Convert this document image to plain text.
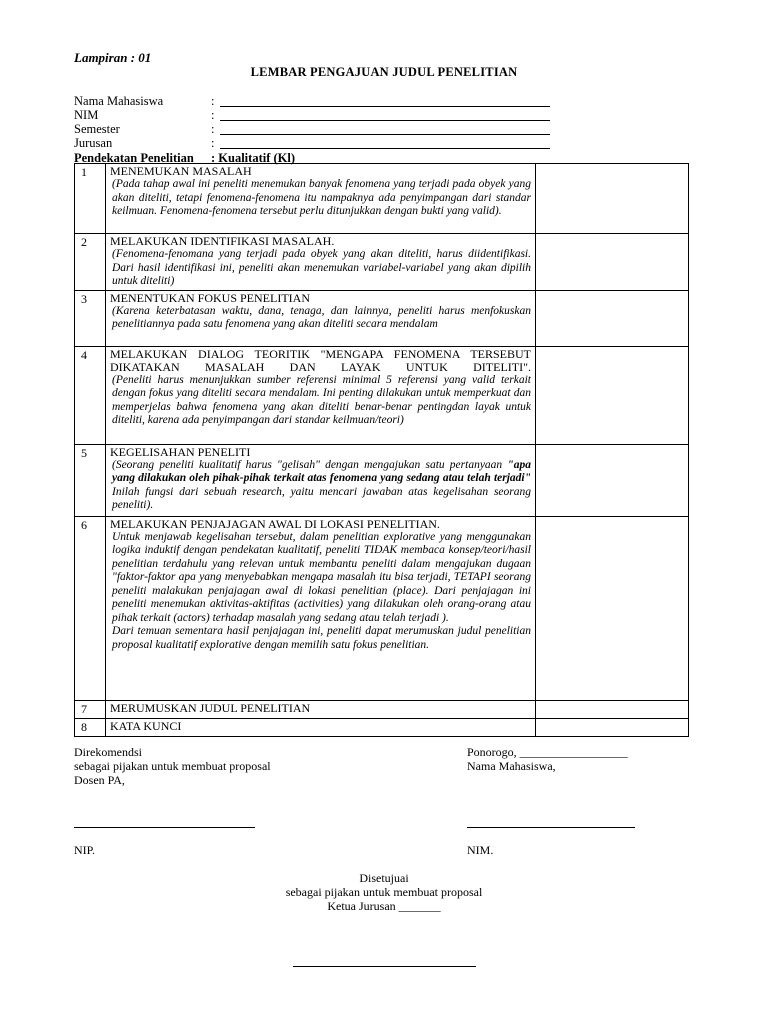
Lampiran : 01
LEMBAR PENGAJUAN JUDUL PENELITIAN
Nama Mahasiswa	:
NIM	:
Semester	:
Jurusan	:
Pendekatan Penelitian : Kualitatif (Kl)
1	MENEMUKAN MASALAH
(Pada tahap awal ini peneliti menemukan banyak fenomena yang terjadi pada obyek yang akan diteliti, tetapi fenomena-fenomena itu nampaknya ada penyimpangan dari standar keilmuan. Fenomena-fenomena tersebut perlu ditunjukkan dengan bukti yang valid).	

2	MELAKUKAN IDENTIFIKASI MASALAH.
(Fenomena-fenomana yang terjadi pada obyek yang akan diteliti, harus diidentifikasi. Dari hasil identifikasi ini, peneliti akan menemukan variabel-variabel yang akan dipilih untuk diteliti)	

3	MENENTUKAN FOKUS PENELITIAN
(Karena keterbatasan waktu, dana, tenaga, dan lainnya, peneliti harus menfokuskan penelitiannya pada satu fenomena yang akan diteliti secara mendalam	

4	MELAKUKAN DIALOG TEORITIK "MENGAPA FENOMENA TERSEBUT DIKATAKAN MASALAH DAN LAYAK UNTUK DITELITI".
(Peneliti harus menunjukkan sumber referensi minimal 5 referensi yang valid terkait dengan fokus yang diteliti secara mendalam. Ini penting dilakukan untuk memperkuat dan memperjelas bahwa fenomena yang akan diteliti benar-benar pentingdan layak untuk diteliti, karena ada penyimpangan dari standar keilmuan/teori)	

5	KEGELISAHAN PENELITI
(Seorang peneliti kualitatif harus "gelisah" dengan mengajukan satu pertanyaan "apa yang dilakukan oleh pihak-pihak terkait atas fenomena yang sedang atau telah terjadi" Inilah fungsi dari sebuah research, yaitu mencari jawaban atas kegelisahan seorang peneliti).	

6	MELAKUKAN PENJAJAGAN AWAL DI LOKASI PENELITIAN.
Untuk menjawab kegelisahan tersebut, dalam penelitian explorative yang menggunakan logika induktif dengan pendekatan kualitatif, peneliti TIDAK membaca konsep/teori/hasil penelitian terdahulu yang relevan untuk membantu peneliti dalam mengajukan dugaan "faktor-faktor apa yang menyebabkan mengapa masalah itu bisa terjadi, TETAPI seorang peneliti malakukan penjajagan awal di lokasi penelitian (place). Dari penjajagan ini peneliti menemukan aktivitas-aktifitas (activities) yang dilakukan oleh orang-orang atau pihak terkait (actors) terhadap masalah yang sedang atau telah terjadi ).
Dari temuan sementara hasil penjajagan ini, peneliti dapat merumuskan judul penelitian proposal kualitatif explorative dengan memilih satu fokus penelitian.	

7	MERUMUSKAN JUDUL PENELITIAN	

8	KATA KUNCI	

Direkomendsi
sebagai pijakan untuk membuat proposal
Dosen PA,
Ponorogo, __________________
Nama Mahasiswa,
NIP.	NIM.
Disetujuai
sebagai pijakan untuk membuat proposal
Ketua Jurusan _______
